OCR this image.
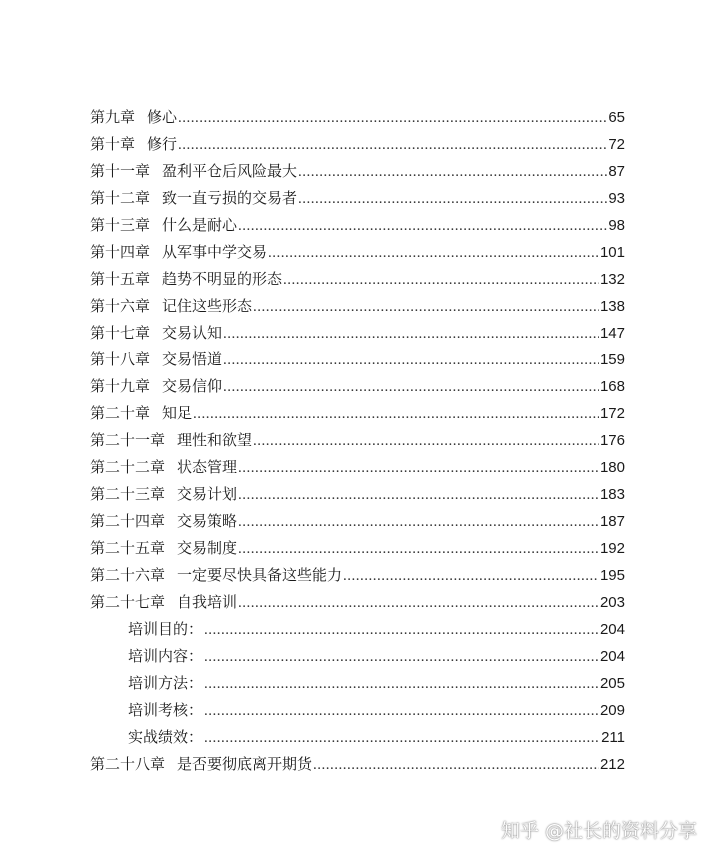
第九章 修心 .....	65
第十章 修行 .....	72
第十一章 盈利平仓后风险最大 .....	87
第十二章 致一直亏损的交易者 .....	93
第十三章 什么是耐心 .....	98
第十四章 从军事中学交易 .....	101
第十五章 趋势不明显的形态 .....	132
第十六章 记住这些形态 .....	138
第十七章 交易认知 .....	147
第十八章 交易悟道 .....	159
第十九章 交易信仰 .....	168
第二十章 知足 .....	172
第二十一章 理性和欲望 .....	176
第二十二章 状态管理 .....	180
第二十三章 交易计划 .....	183
第二十四章 交易策略 .....	187
第二十五章 交易制度 .....	192
第二十六章 一定要尽快具备这些能力 .....	195
第二十七章 自我培训 .....	203
培训目的： .....	204
培训内容： .....	204
培训方法： .....	205
培训考核： .....	209
实战绩效： .....	211
第二十八章 是否要彻底离开期货 .....	212
知乎 @社长的资料分享
